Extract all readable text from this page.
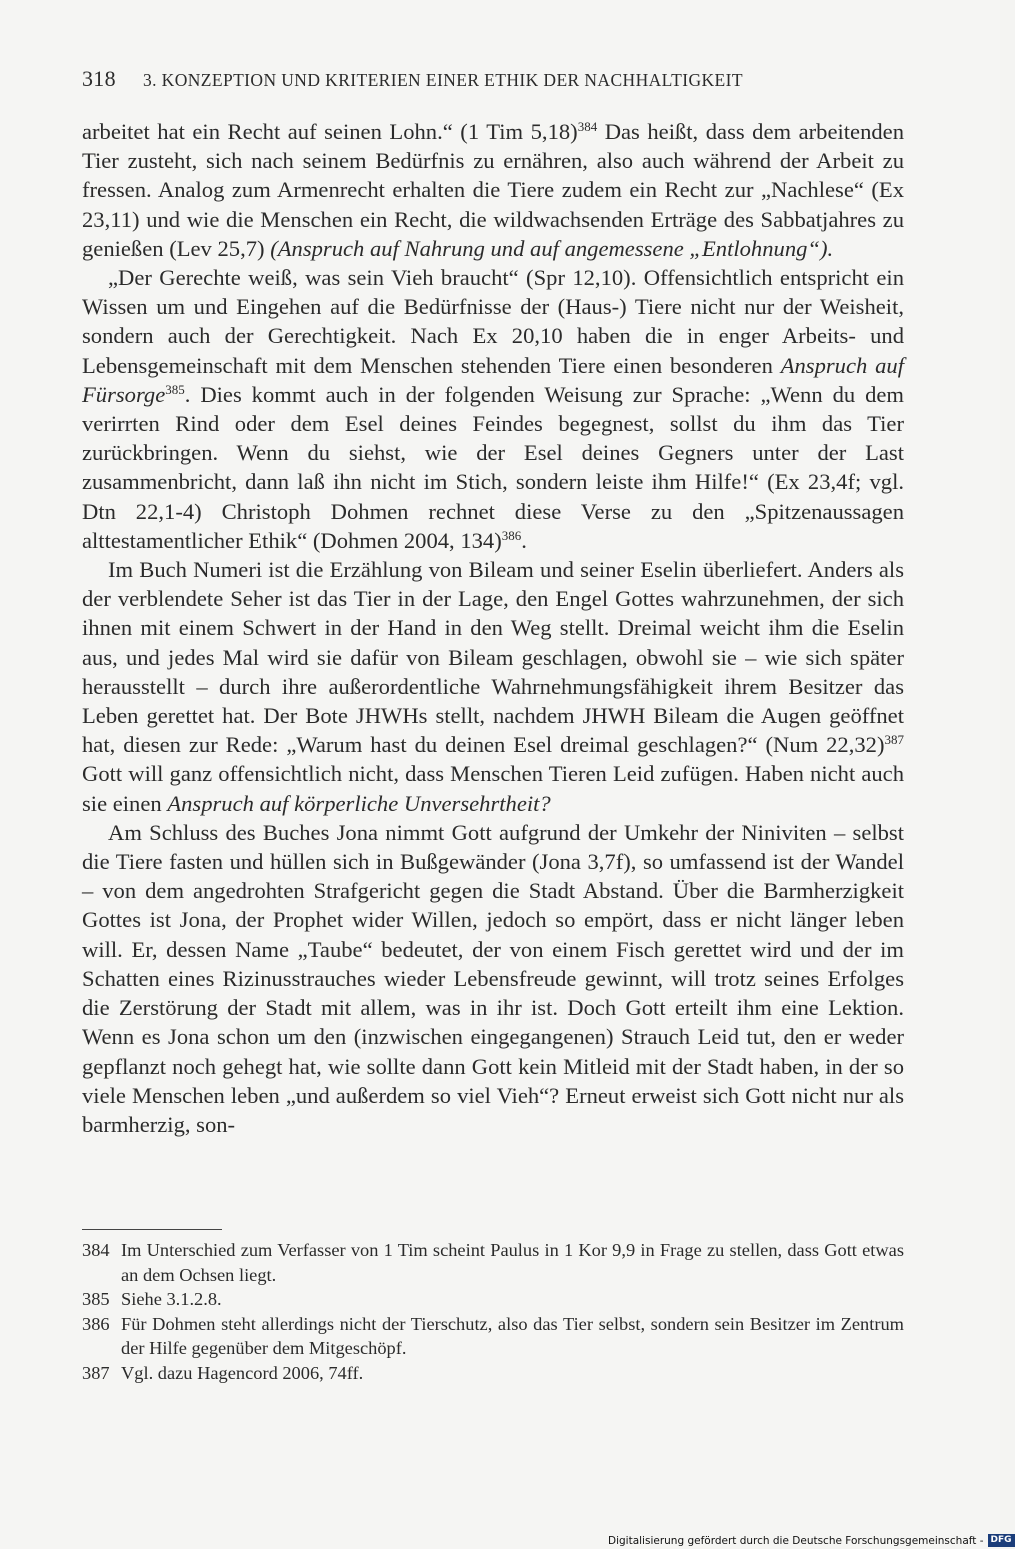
318 3. KONZEPTION UND KRITERIEN EINER ETHIK DER NACHHALTIGKEIT

arbeitet hat ein Recht auf seinen Lohn.“ (1 Tim 5,18)$^{384}$ Das heißt, dass dem arbeitenden Tier zusteht, sich nach seinem Bedürfnis zu ernähren, also auch während der Arbeit zu fressen. Analog zum Armenrecht erhalten die Tiere zudem ein Recht zur „Nachlese“ (Ex 23,11) und wie die Menschen ein Recht, die wildwachsenden Erträge des Sabbatjahres zu genießen (Lev 25,7) (Anspruch auf Nahrung und auf angemessene „Entlohnung“).

„Der Gerechte weiß, was sein Vieh braucht“ (Spr 12,10). Offensichtlich entspricht ein Wissen um und Eingehen auf die Bedürfnisse der (Haus-) Tiere nicht nur der Weisheit, sondern auch der Gerechtigkeit. Nach Ex 20,10 haben die in enger Arbeits- und Lebensgemeinschaft mit dem Menschen stehenden Tiere einen besonderen Anspruch auf Fürsorge$^{385}$. Dies kommt auch in der folgenden Weisung zur Sprache: „Wenn du dem verirrten Rind oder dem Esel deines Feindes begegnest, sollst du ihm das Tier zurückbringen. Wenn du siehst, wie der Esel deines Gegners unter der Last zusammenbricht, dann laß ihn nicht im Stich, sondern leiste ihm Hilfe!“ (Ex 23,4f; vgl. Dtn 22,1-4) Christoph Dohmen rechnet diese Verse zu den „Spitzenaussagen alttestamentlicher Ethik“ (Dohmen 2004, 134)$^{386}$.

Im Buch Numeri ist die Erzählung von Bileam und seiner Eselin überliefert. Anders als der verblendete Seher ist das Tier in der Lage, den Engel Gottes wahrzunehmen, der sich ihnen mit einem Schwert in der Hand in den Weg stellt. Dreimal weicht ihm die Eselin aus, und jedes Mal wird sie dafür von Bileam geschlagen, obwohl sie – wie sich später herausstellt – durch ihre außerordentliche Wahrnehmungsfähigkeit ihrem Besitzer das Leben gerettet hat. Der Bote JHWHs stellt, nachdem JHWH Bileam die Augen geöffnet hat, diesen zur Rede: „Warum hast du deinen Esel dreimal geschlagen?“ (Num 22,32)$^{387}$ Gott will ganz offensichtlich nicht, dass Menschen Tieren Leid zufügen. Haben nicht auch sie einen Anspruch auf körperliche Unversehrtheit?

Am Schluss des Buches Jona nimmt Gott aufgrund der Umkehr der Niniviten – selbst die Tiere fasten und hüllen sich in Bußgewänder (Jona 3,7f), so umfassend ist der Wandel – von dem angedrohten Strafgericht gegen die Stadt Abstand. Über die Barmherzigkeit Gottes ist Jona, der Prophet wider Willen, jedoch so empört, dass er nicht länger leben will. Er, dessen Name „Taube“ bedeutet, der von einem Fisch gerettet wird und der im Schatten eines Rizinusstrauches wieder Lebensfreude gewinnt, will trotz seines Erfolges die Zerstörung der Stadt mit allem, was in ihr ist. Doch Gott erteilt ihm eine Lektion. Wenn es Jona schon um den (inzwischen eingegangenen) Strauch Leid tut, den er weder gepflanzt noch gehegt hat, wie sollte dann Gott kein Mitleid mit der Stadt haben, in der so viele Menschen leben „und außerdem so viel Vieh“? Erneut erweist sich Gott nicht nur als barmherzig, son-

384 Im Unterschied zum Verfasser von 1 Tim scheint Paulus in 1 Kor 9,9 in Frage zu stellen, dass Gott etwas an dem Ochsen liegt.
385 Siehe 3.1.2.8.
386 Für Dohmen steht allerdings nicht der Tierschutz, also das Tier selbst, sondern sein Besitzer im Zentrum der Hilfe gegenüber dem Mitgeschöpf.
387 Vgl. dazu Hagencord 2006, 74ff.
Digitalisierung gefördert durch die Deutsche Forschungsgemeinschaft - DFG
